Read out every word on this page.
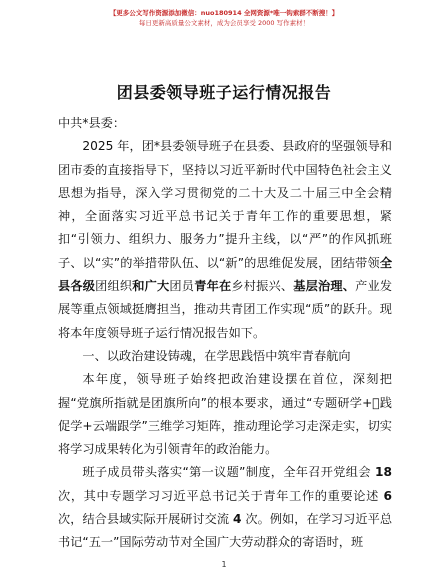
【更多公文写作资源添加微信：nuo180914 全网资源*唯一钩索群不断搜！】
每日更新高质量公文素材，成为会员享受 2000 写作素材！
团县委领导班子运行情况报告

中共*县委：

2025 年，团*县委领导班子在县委、县政府的坚强领导和团市委的直接指导下，坚持以习近平新时代中国特色社会主义思想为指导，深入学习贯彻党的二十大及二十届三中全会精神，全面落实习近平总书记关于青年工作的重要思想，紧扣“引领力、组织力、服务力”提升主线，以“严”的作风抓班子、以“实”的举措带队伍、以“新”的思维促发展，团结带领全县各级团组织和广大团员青年在乡村振兴、基层治理、产业发展等重点领域挺膺担当，推动共青团工作实现“质”的跃升。现将本年度领导班子运行情况报告如下。

一、以政治建设铸魂，在学思践悟中筑牢青春航向

本年度，领导班子始终把政治建设摆在首位，深刻把握“党旗所指就是团旗所向”的根本要求，通过“专题研学+􀀀践促学+云端跟学”三维学习矩阵，推动理论学习走深走实，切实将学习成果转化为引领青年的政治能力。

班子成员带头落实“第一议题”制度，全年召开党组会 18 次，其中专题学习习近平总书记关于青年工作的重要论述 6 次，结合县域实际开展研讨交流 4 次。例如，在学习习近平总书记“五一”国际劳动节对全国广大劳动群众的寄语时，班

1
